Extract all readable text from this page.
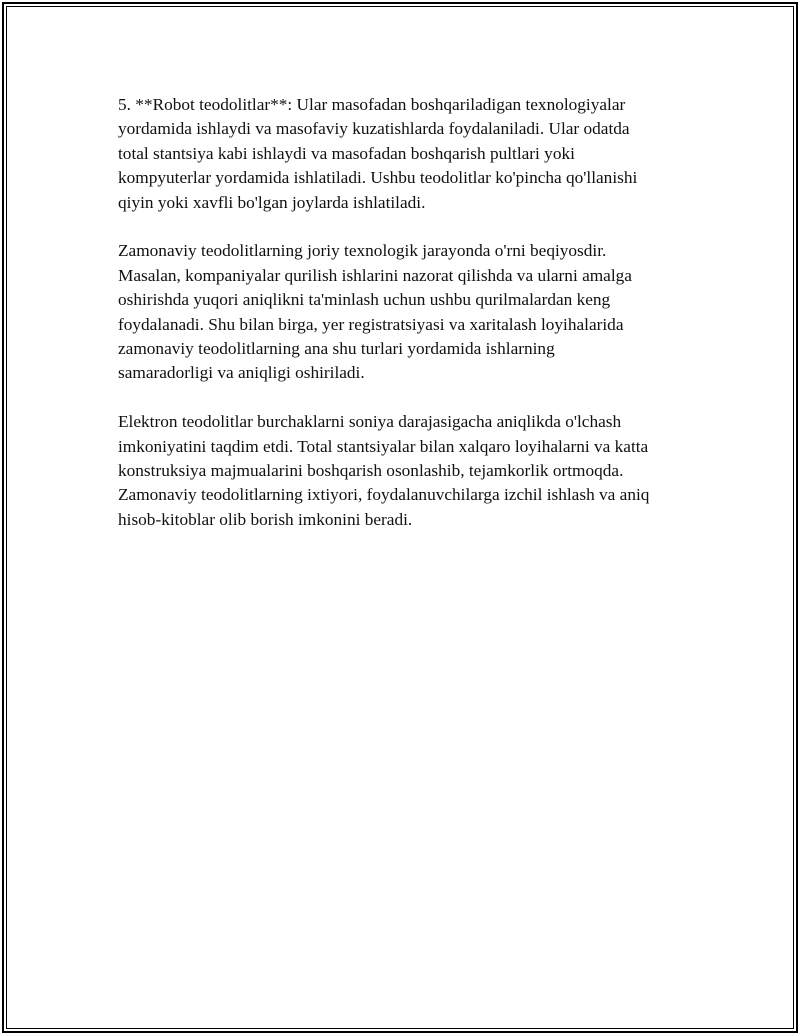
5. **Robot teodolitlar**: Ular masofadan boshqariladigan texnologiyalar
yordamida ishlaydi va masofaviy kuzatishlarda foydalaniladi. Ular odatda
total stantsiya kabi ishlaydi va masofadan boshqarish pultlari yoki
kompyuterlar yordamida ishlatiladi. Ushbu teodolitlar ko'pincha qo'llanishi
qiyin yoki xavfli bo'lgan joylarda ishlatiladi.

Zamonaviy teodolitlarning joriy texnologik jarayonda o'rni beqiyosdir.
Masalan, kompaniyalar qurilish ishlarini nazorat qilishda va ularni amalga
oshirishda yuqori aniqlikni ta'minlash uchun ushbu qurilmalardan keng
foydalanadi. Shu bilan birga, yer registratsiyasi va xaritalash loyihalarida
zamonaviy teodolitlarning ana shu turlari yordamida ishlarning
samaradorligi va aniqligi oshiriladi.

Elektron teodolitlar burchaklarni soniya darajasigacha aniqlikda o'lchash
imkoniyatini taqdim etdi. Total stantsiyalar bilan xalqaro loyihalarni va katta
konstruksiya majmualarini boshqarish osonlashib, tejamkorlik ortmoqda.
Zamonaviy teodolitlarning ixtiyori, foydalanuvchilarga izchil ishlash va aniq
hisob-kitoblar olib borish imkonini beradi.
